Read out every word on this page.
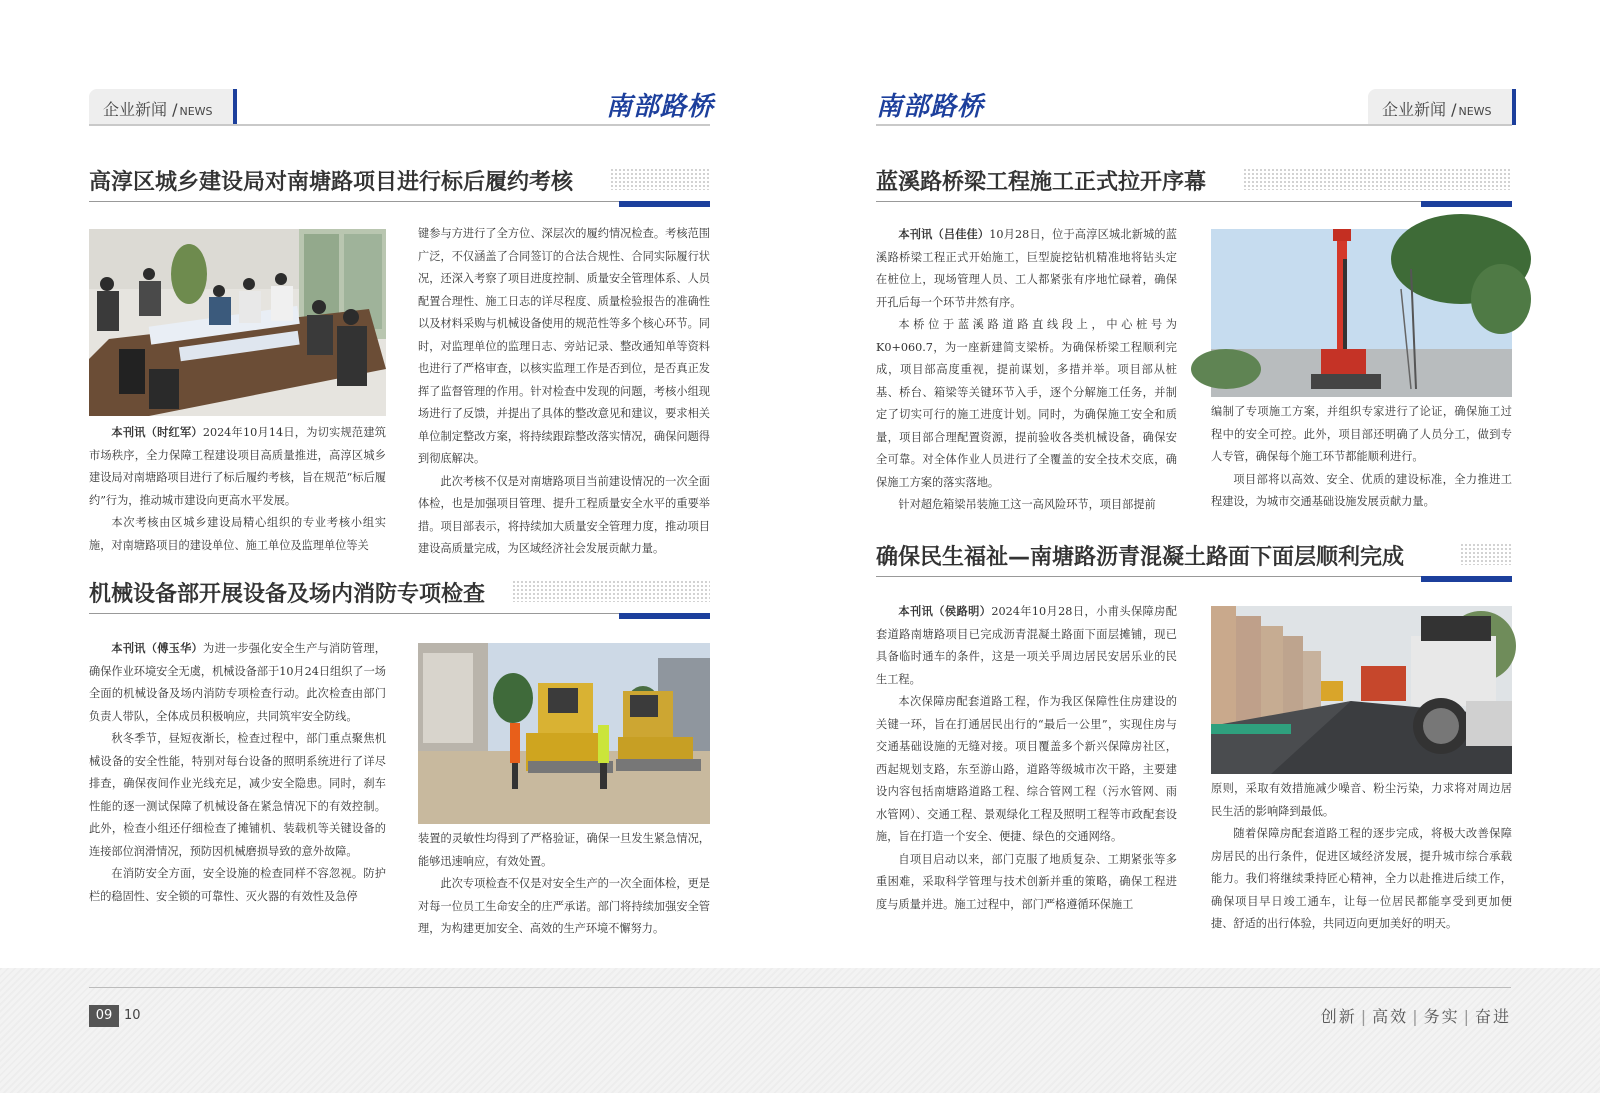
企业新闻 / NEWS	南部路桥
高淳区城乡建设局对南塘路项目进行标后履约考核

本刊讯（时红军）2024年10月14日，为切实规范建筑市场秩序，全力保障工程建设项目高质量推进，高淳区城乡建设局对南塘路项目进行了标后履约考核，旨在规范“标后履约”行为，推动城市建设向更高水平发展。

本次考核由区城乡建设局精心组织的专业考核小组实施，对南塘路项目的建设单位、施工单位及监理单位等关

键参与方进行了全方位、深层次的履约情况检查。考核范围广泛，不仅涵盖了合同签订的合法合规性、合同实际履行状况，还深入考察了项目进度控制、质量安全管理体系、人员配置合理性、施工日志的详尽程度、质量检验报告的准确性以及材料采购与机械设备使用的规范性等多个核心环节。同时，对监理单位的监理日志、旁站记录、整改通知单等资料也进行了严格审查，以核实监理工作是否到位，是否真正发挥了监督管理的作用。针对检查中发现的问题，考核小组现场进行了反馈，并提出了具体的整改意见和建议，要求相关单位制定整改方案，将持续跟踪整改落实情况，确保问题得到彻底解决。

此次考核不仅是对南塘路项目当前建设情况的一次全面体检，也是加强项目管理、提升工程质量安全水平的重要举措。项目部表示，将持续加大质量安全管理力度，推动项目建设高质量完成，为区域经济社会发展贡献力量。

机械设备部开展设备及场内消防专项检查

本刊讯（傅玉华）为进一步强化安全生产与消防管理，确保作业环境安全无虞，机械设备部于10月24日组织了一场全面的机械设备及场内消防专项检查行动。此次检查由部门负责人带队，全体成员积极响应，共同筑牢安全防线。

秋冬季节，昼短夜渐长，检查过程中，部门重点聚焦机械设备的安全性能，特别对每台设备的照明系统进行了详尽排查，确保夜间作业光线充足，减少安全隐患。同时，刹车性能的逐一测试保障了机械设备在紧急情况下的有效控制。此外，检查小组还仔细检查了摊铺机、装载机等关键设备的连接部位润滑情况，预防因机械磨损导致的意外故障。

在消防安全方面，安全设施的检查同样不容忽视。防护栏的稳固性、安全锁的可靠性、灭火器的有效性及急停

装置的灵敏性均得到了严格验证，确保一旦发生紧急情况，能够迅速响应，有效处置。

此次专项检查不仅是对安全生产的一次全面体检，更是对每一位员工生命安全的庄严承诺。部门将持续加强安全管理，为构建更加安全、高效的生产环境不懈努力。

南部路桥	企业新闻 / NEWS
蓝溪路桥梁工程施工正式拉开序幕

本刊讯（吕佳佳）10月28日，位于高淳区城北新城的蓝溪路桥梁工程正式开始施工，巨型旋挖钻机精准地将钻头定在桩位上，现场管理人员、工人都紧张有序地忙碌着，确保开孔后每一个环节井然有序。

本桥位于蓝溪路道路直线段上，中心桩号为K0+060.7，为一座新建简支梁桥。为确保桥梁工程顺利完成，项目部高度重视，提前谋划，多措并举。项目部从桩基、桥台、箱梁等关键环节入手，逐个分解施工任务，并制定了切实可行的施工进度计划。同时，为确保施工安全和质量，项目部合理配置资源，提前验收各类机械设备，确保安全可靠。对全体作业人员进行了全覆盖的安全技术交底，确保施工方案的落实落地。

针对超危箱梁吊装施工这一高风险环节，项目部提前

编制了专项施工方案，并组织专家进行了论证，确保施工过程中的安全可控。此外，项目部还明确了人员分工，做到专人专管，确保每个施工环节都能顺利进行。

项目部将以高效、安全、优质的建设标准，全力推进工程建设，为城市交通基础设施发展贡献力量。

确保民生福祉—南塘路沥青混凝土路面下面层顺利完成

本刊讯（侯路明）2024年10月28日，小甫头保障房配套道路南塘路项目已完成沥青混凝土路面下面层摊铺，现已具备临时通车的条件，这是一项关乎周边居民安居乐业的民生工程。

本次保障房配套道路工程，作为我区保障性住房建设的关键一环，旨在打通居民出行的“最后一公里”，实现住房与交通基础设施的无缝对接。项目覆盖多个新兴保障房社区，西起规划支路，东至游山路，道路等级城市次干路，主要建设内容包括南塘路道路工程、综合管网工程（污水管网、雨水管网）、交通工程、景观绿化工程及照明工程等市政配套设施，旨在打造一个安全、便捷、绿色的交通网络。

自项目启动以来，部门克服了地质复杂、工期紧张等多重困难，采取科学管理与技术创新并重的策略，确保工程进度与质量并进。施工过程中，部门严格遵循环保施工

原则，采取有效措施减少噪音、粉尘污染，力求将对周边居民生活的影响降到最低。

随着保障房配套道路工程的逐步完成，将极大改善保障房居民的出行条件，促进区域经济发展，提升城市综合承载能力。我们将继续秉持匠心精神，全力以赴推进后续工作，确保项目早日竣工通车，让每一位居民都能享受到更加便捷、舒适的出行体验，共同迈向更加美好的明天。

09 10	创新 | 高效 | 务实 | 奋进
